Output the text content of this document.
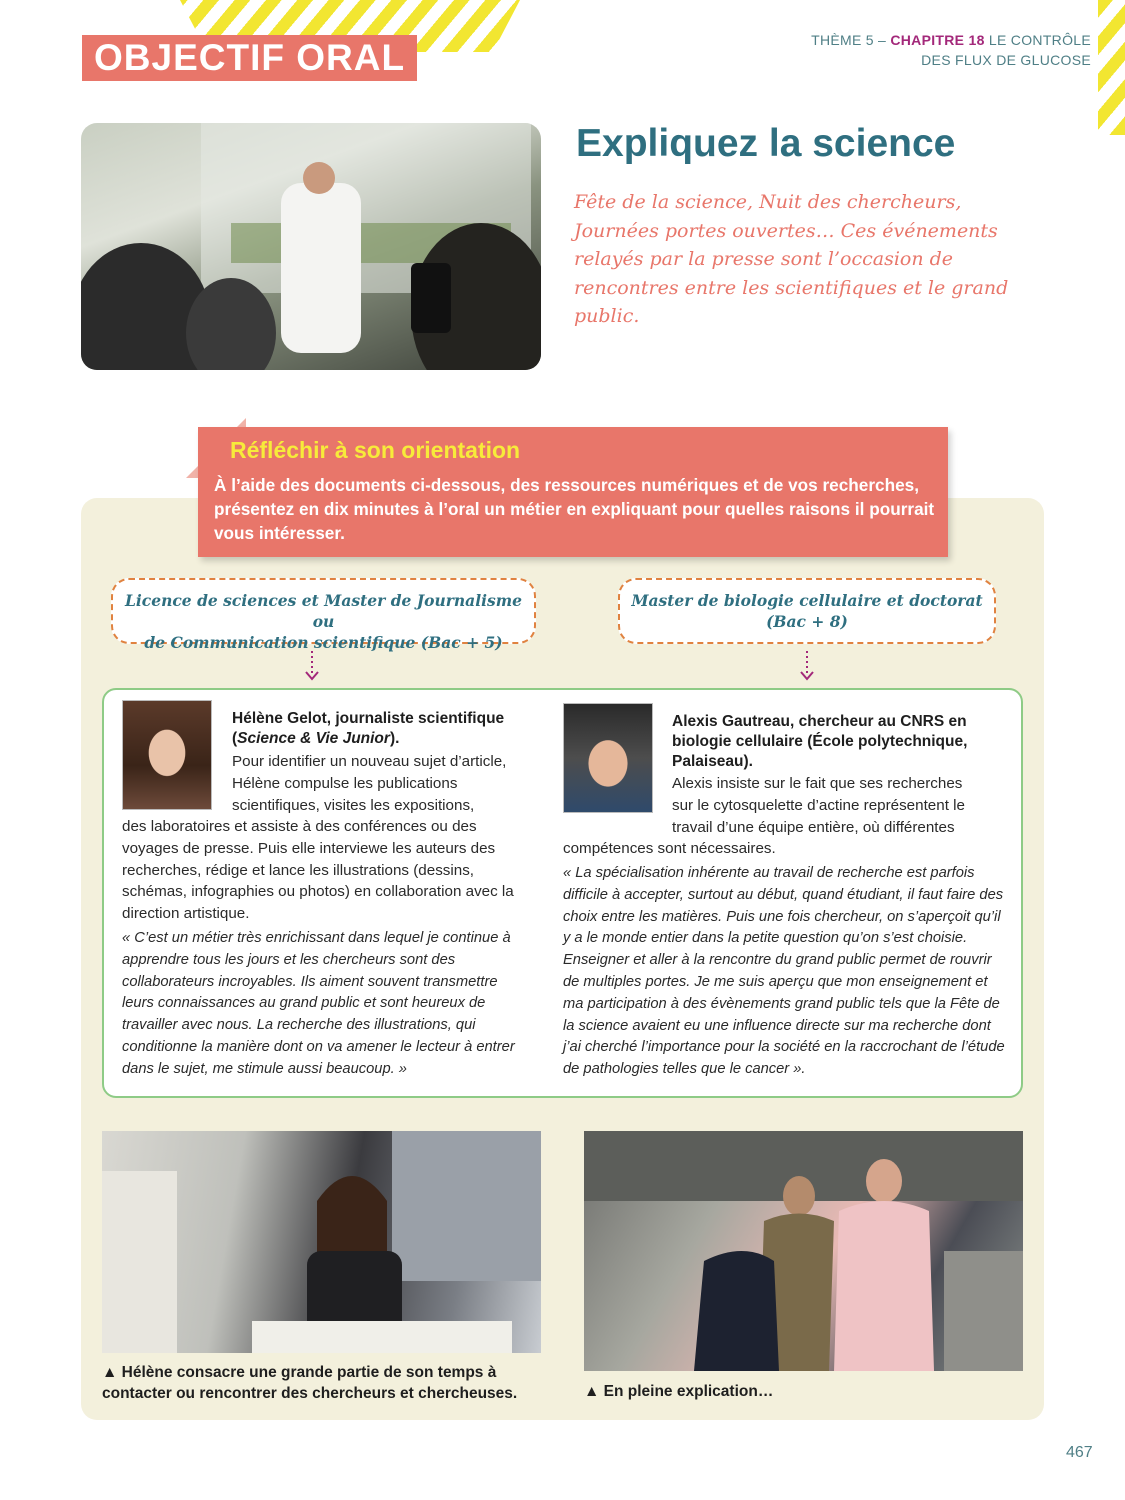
OBJECTIF ORAL	THÈME 5 – CHAPITRE 18 LE CONTRÔLE
DES FLUX DE GLUCOSE
Expliquez la science
Fête de la science, Nuit des chercheurs, Journées portes ouvertes… Ces événements relayés par la presse sont l’occasion de rencontres entre les scientifiques et le grand public.
Réfléchir à son orientation
À l’aide des documents ci-dessous, des ressources numériques et de vos recherches, présentez en dix minutes à l’oral un métier en expliquant pour quelles raisons il pourrait vous intéresser.
Licence de sciences et Master de Journalisme ou
de Communication scientifique (Bac + 5)
Master de biologie cellulaire et doctorat
(Bac + 8)
Hélène Gelot, journaliste scientifique
(Science & Vie Junior).
Pour identifier un nouveau sujet d’article,
Hélène compulse les publications
scientifiques, visites les expositions,
des laboratoires et assiste à des conférences ou des voyages de presse. Puis elle interviewe les auteurs des recherches, rédige et lance les illustrations (dessins, schémas, infographies ou photos) en collaboration avec la direction artistique.
« C’est un métier très enrichissant dans lequel je continue à apprendre tous les jours et les chercheurs sont des collaborateurs incroyables. Ils aiment souvent transmettre leurs connaissances au grand public et sont heureux de travailler avec nous. La recherche des illustrations, qui conditionne la manière dont on va amener le lecteur à entrer dans le sujet, me stimule aussi beaucoup. »
Alexis Gautreau, chercheur au CNRS en biologie cellulaire (École polytechnique, Palaiseau).
Alexis insiste sur le fait que ses recherches
sur le cytosquelette d’actine représentent le
travail d’une équipe entière, où différentes
compétences sont nécessaires.
« La spécialisation inhérente au travail de recherche est parfois difficile à accepter, surtout au début, quand étudiant, il faut faire des choix entre les matières. Puis une fois chercheur, on s’aperçoit qu’il y a le monde entier dans la petite question qu’on s’est choisie. Enseigner et aller à la rencontre du grand public permet de rouvrir de multiples portes. Je me suis aperçu que mon enseignement et ma participation à des évènements grand public tels que la Fête de la science avaient eu une influence directe sur ma recherche dont j’ai cherché l’importance pour la société en la raccrochant de l’étude de pathologies telles que le cancer ».
▲ Hélène consacre une grande partie de son temps à contacter ou rencontrer des chercheurs et chercheuses.	▲ En pleine explication…
467
